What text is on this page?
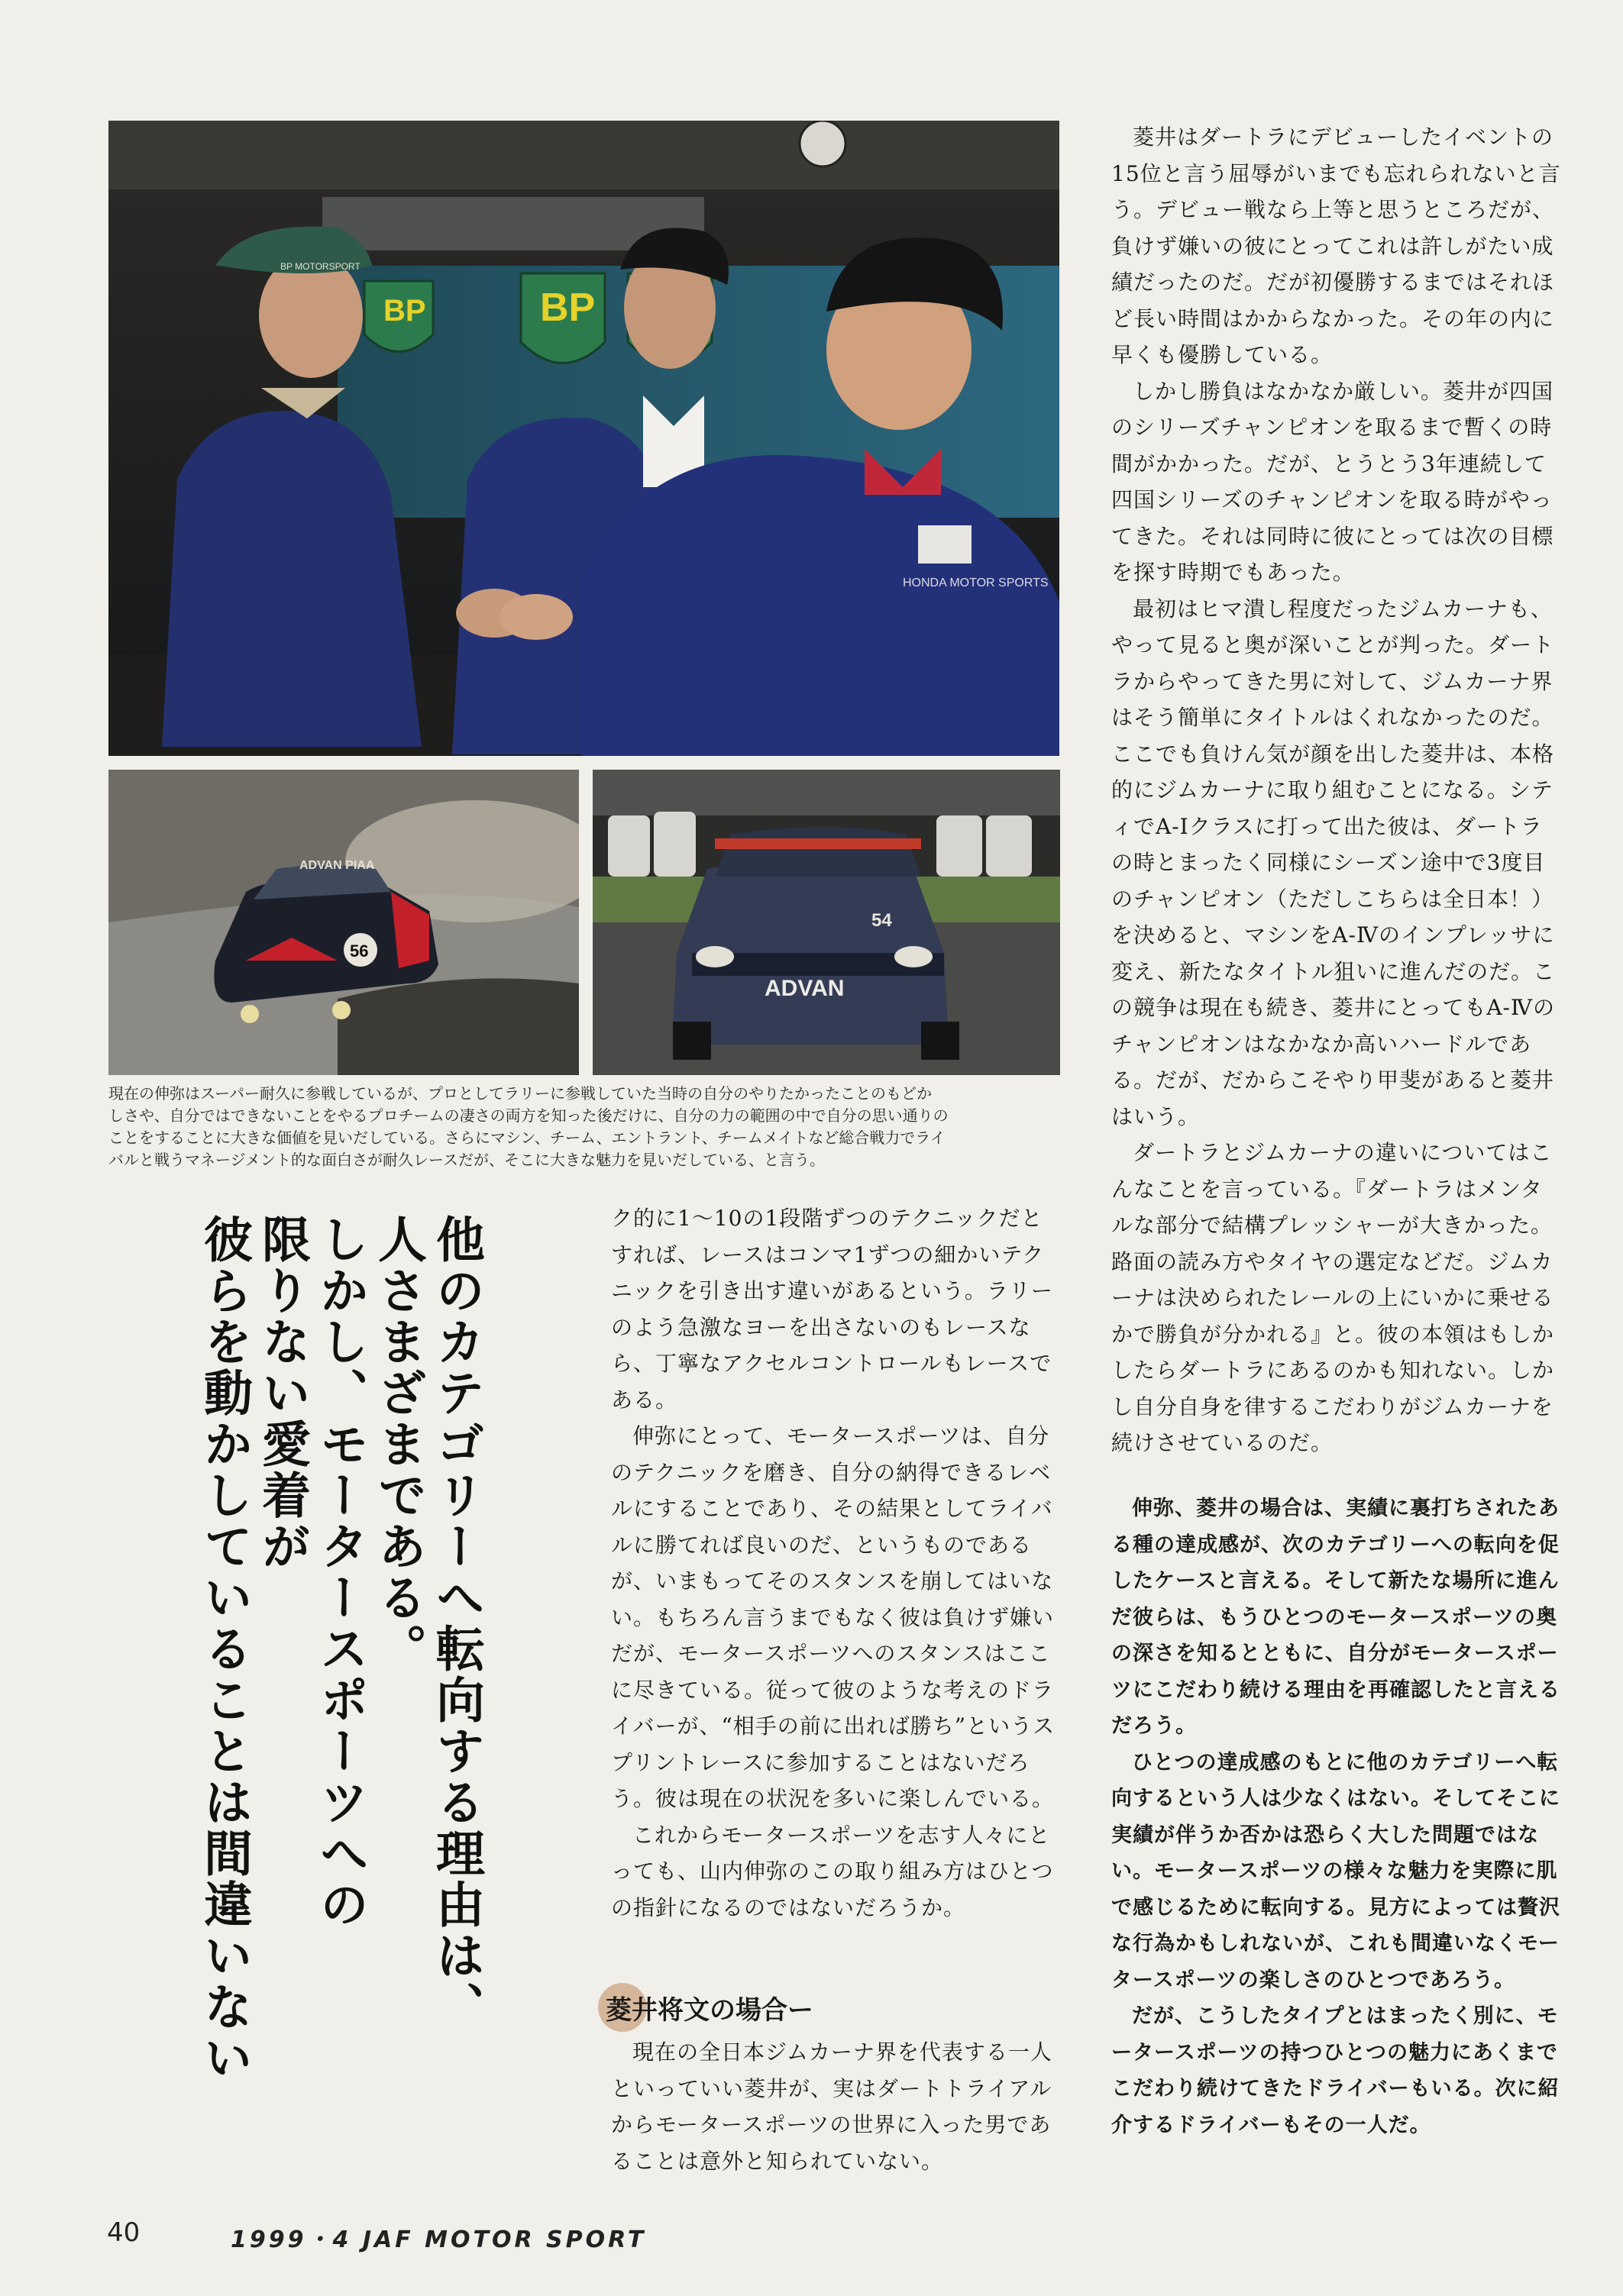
BP	BP
BP MOTORSPORT
HONDA MOTOR SPORTS
56
ADVAN PIAA
ADVAN
54

現在の伸弥はスーパー耐久に参戦しているが、プロとしてラリーに参戦していた当時の自分のやりたかったことのもどか

しさや、自分ではできないことをやるプロチームの凄さの両方を知った後だけに、自分の力の範囲の中で自分の思い通りの

ことをすることに大きな価値を見いだしている。さらにマシン、チーム、エントラント、チームメイトなど総合戦力でライ

バルと戦うマネージメント的な面白さが耐久レースだが、そこに大きな魅力を見いだしている、と言う。

他のカテゴリーへ転向する理由は、
人さまざまである。
しかし、モータースポーツへの
限りない愛着が
彼らを動かしていることは間違いない	ク的に1〜10の1段階ずつのテクニックだとすれば、レースはコンマ1ずつの細かいテクニックを引き出す違いがあるという。ラリーのよう急激なヨーを出さないのもレースなら、丁寧なアクセルコントロールもレースである。

伸弥にとって、モータースポーツは、自分のテクニックを磨き、自分の納得できるレベルにすることであり、その結果としてライバルに勝てれば良いのだ、というものであるが、いまもってそのスタンスを崩してはいない。もちろん言うまでもなく彼は負けず嫌いだが、モータースポーツへのスタンスはここに尽きている。従って彼のような考えのドライバーが、“相手の前に出れば勝ち”というスプリントレースに参加することはないだろう。彼は現在の状況を多いに楽しんでいる。

これからモータースポーツを志す人々にとっても、山内伸弥のこの取り組み方はひとつの指針になるのではないだろうか。

菱井将文の場合ー

現在の全日本ジムカーナ界を代表する一人といっていい菱井が、実はダートトライアルからモータースポーツの世界に入った男であることは意外と知られていない。

菱井はダートラにデビューしたイベントの15位と言う屈辱がいまでも忘れられないと言う。デビュー戦なら上等と思うところだが、負けず嫌いの彼にとってこれは許しがたい成績だったのだ。だが初優勝するまではそれほど長い時間はかからなかった。その年の内に早くも優勝している。

しかし勝負はなかなか厳しい。菱井が四国のシリーズチャンピオンを取るまで暫くの時間がかかった。だが、とうとう3年連続して四国シリーズのチャンピオンを取る時がやってきた。それは同時に彼にとっては次の目標を探す時期でもあった。

最初はヒマ潰し程度だったジムカーナも、やって見ると奥が深いことが判った。ダートラからやってきた男に対して、ジムカーナ界はそう簡単にタイトルはくれなかったのだ。ここでも負けん気が顔を出した菱井は、本格的にジムカーナに取り組むことになる。シティでA-Ⅰクラスに打って出た彼は、ダートラの時とまったく同様にシーズン途中で3度目のチャンピオン（ただしこちらは全日本！）を決めると、マシンをA-Ⅳのインプレッサに変え、新たなタイトル狙いに進んだのだ。この競争は現在も続き、菱井にとってもA-Ⅳのチャンピオンはなかなか高いハードルである。だが、だからこそやり甲斐があると菱井はいう。

ダートラとジムカーナの違いについてはこんなことを言っている。『ダートラはメンタルな部分で結構プレッシャーが大きかった。路面の読み方やタイヤの選定などだ。ジムカーナは決められたレールの上にいかに乗せるかで勝負が分かれる』と。彼の本領はもしかしたらダートラにあるのかも知れない。しかし自分自身を律するこだわりがジムカーナを続けさせているのだ。

伸弥、菱井の場合は、実績に裏打ちされたある種の達成感が、次のカテゴリーへの転向を促したケースと言える。そして新たな場所に進んだ彼らは、もうひとつのモータースポーツの奥の深さを知るとともに、自分がモータースポーツにこだわり続ける理由を再確認したと言えるだろう。

ひとつの達成感のもとに他のカテゴリーへ転向するという人は少なくはない。そしてそこに実績が伴うか否かは恐らく大した問題ではない。モータースポーツの様々な魅力を実際に肌で感じるために転向する。見方によっては贅沢な行為かもしれないが、これも間違いなくモータースポーツの楽しさのひとつであろう。

だが、こうしたタイプとはまったく別に、モータースポーツの持つひとつの魅力にあくまでこだわり続けてきたドライバーもいる。次に紹介するドライバーもその一人だ。

40	1999・4 JAF MOTOR SPORT
